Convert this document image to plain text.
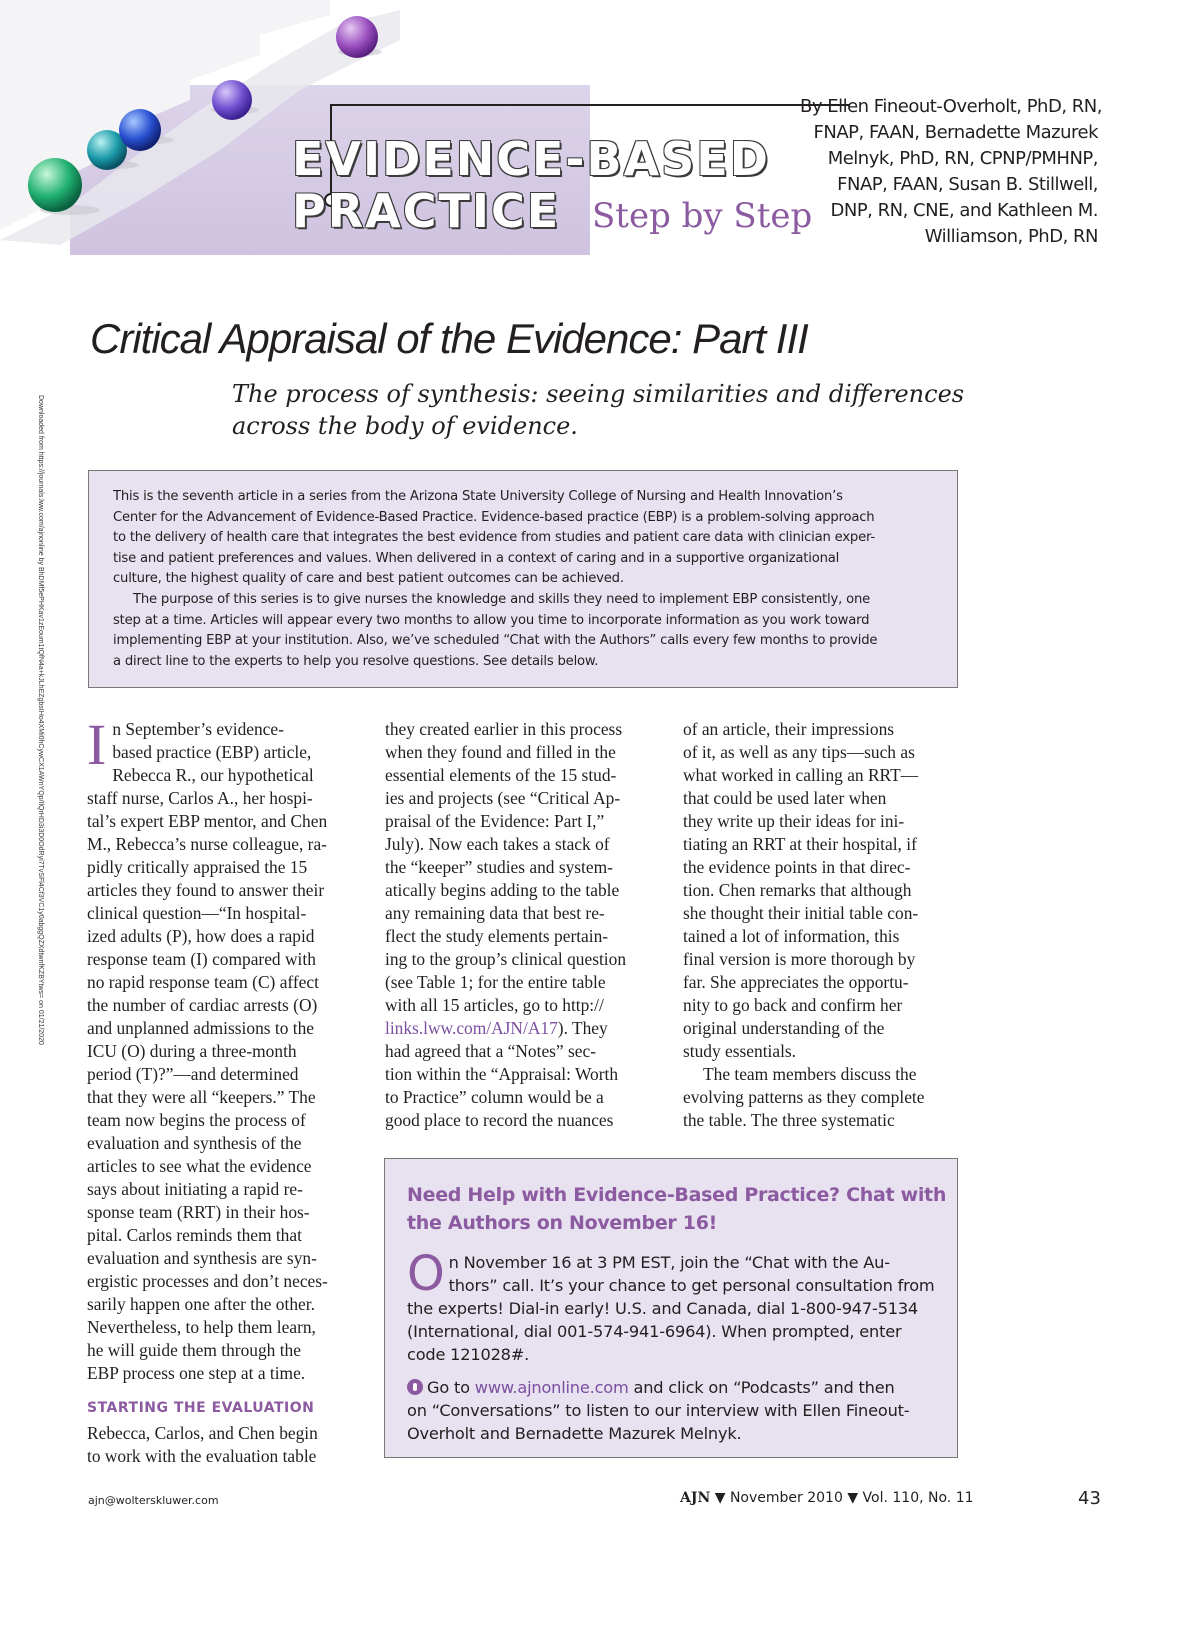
EVIDENCE-BASED
PRACTICE Step by Step
By Ellen Fineout-Overholt, PhD, RN,
FNAP, FAAN, Bernadette Mazurek
Melnyk, PhD, RN, CPNP/PMHNP,
FNAP, FAAN, Susan B. Stillwell,
DNP, RN, CNE, and Kathleen M.
Williamson, PhD, RN
Critical Appraisal of the Evidence: Part III
The process of synthesis: seeing similarities and differences
across the body of evidence.
Downloaded from https://journals.lww.com/ajnonline by BhDMf5ePHKav1zEoum1tQfN4a+kJLhEZgbsIHo4XMi0hCywCX1AWnYQp/IlQrHD3i3D0OdRyi7TvSFl4Cf3VC1y0abggQZXdtwnfKZBYtws= on 01/21/2020	This is the seventh article in a series from the Arizona State University College of Nursing and Health Innovation’s
Center for the Advancement of Evidence-Based Practice. Evidence-based practice (EBP) is a problem-solving approach
to the delivery of health care that integrates the best evidence from studies and patient care data with clinician exper-
tise and patient preferences and values. When delivered in a context of caring and in a supportive organizational
culture, the highest quality of care and best patient outcomes can be achieved.
The purpose of this series is to give nurses the knowledge and skills they need to implement EBP consistently, one
step at a time. Articles will appear every two months to allow you time to incorporate information as you work toward
implementing EBP at your institution. Also, we’ve scheduled “Chat with the Authors” calls every few months to provide
a direct line to the experts to help you resolve questions. See details below.
I n September’s evidence-
based practice (EBP) article,
Rebecca R., our hypothetical
staff nurse, Carlos A., her hospi-
tal’s expert EBP mentor, and Chen
M., Rebecca’s nurse colleague, ra-
pidly critically appraised the 15
articles they found to answer their
clinical question—“In hospital-
ized adults (P), how does a rapid
response team (I) compared with
no rapid response team (C) affect
the number of cardiac arrests (O)
and unplanned admissions to the
ICU (O) during a three-month
period (T)?”—and determined
that they were all “keepers.” The
team now begins the process of
evaluation and synthesis of the
articles to see what the evidence
says about initiating a rapid re-
sponse team (RRT) in their hos-
pital. Carlos reminds them that
evaluation and synthesis are syn-
ergistic processes and don’t neces-
sarily happen one after the other.
Nevertheless, to help them learn,
he will guide them through the
EBP process one step at a time.
STARTING THE EVALUATION
Rebecca, Carlos, and Chen begin
to work with the evaluation table
they created earlier in this process
when they found and filled in the
essential elements of the 15 stud-
ies and projects (see “Critical Ap-
praisal of the Evidence: Part I,”
July). Now each takes a stack of
the “keeper” studies and system-
atically begins adding to the table
any remaining data that best re-
flect the study elements pertain-
ing to the group’s clinical question
(see Table 1; for the entire table
with all 15 articles, go to http://
links.lww.com/AJN/A17). They
had agreed that a “Notes” sec-
tion within the “Appraisal: Worth
to Practice” column would be a
good place to record the nuances
of an article, their impressions
of it, as well as any tips—such as
what worked in calling an RRT—
that could be used later when
they write up their ideas for ini-
tiating an RRT at their hospital, if
the evidence points in that direc-
tion. Chen remarks that although
she thought their initial table con-
tained a lot of information, this
final version is more thorough by
far. She appreciates the opportu-
nity to go back and confirm her
original understanding of the
study essentials.
The team members discuss the
evolving patterns as they complete
the table. The three systematic
Need Help with Evidence-Based Practice? Chat with
the Authors on November 16!
O n November 16 at 3 PM EST, join the “Chat with the Au-
thors” call. It’s your chance to get personal consultation from
the experts! Dial-in early! U.S. and Canada, dial 1-800-947-5134
(International, dial 001-574-941-6964). When prompted, enter
code 121028#.
Go to www.ajnonline.com and click on “Podcasts” and then
on “Conversations” to listen to our interview with Ellen Fineout-
Overholt and Bernadette Mazurek Melnyk.
ajn@wolterskluwer.com	AJN ▼ November 2010 ▼ Vol. 110, No. 11	43
